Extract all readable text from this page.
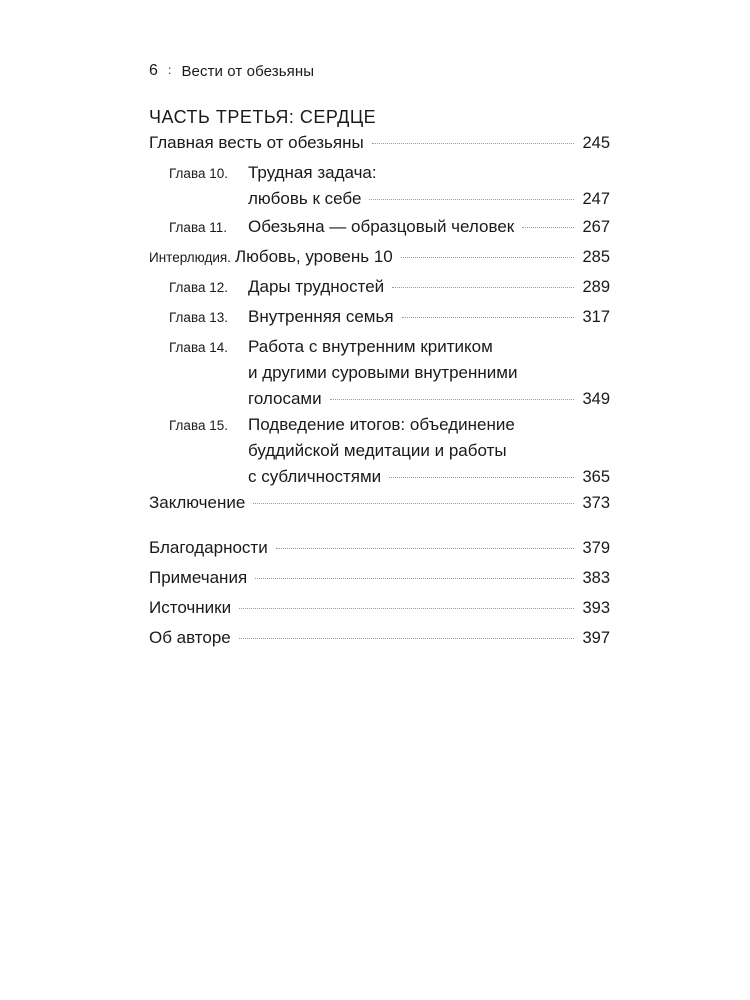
6 : Вести от обезьяны
ЧАСТЬ ТРЕТЬЯ: СЕРДЦЕ
Главная весть от обезьяны	245
Глава 10.	Трудная задача:
любовь к себе	247
Глава 11.	Обезьяна — образцовый человек	267
Интерлюдия. Любовь, уровень 10	285
Глава 12.	Дары трудностей	289
Глава 13.	Внутренняя семья	317
Глава 14.	Работа с внутренним критиком
и другими суровыми внутренними
голосами	349
Глава 15.	Подведение итогов: объединение
буддийской медитации и работы
с субличностями	365
Заключение	373
Благодарности	379
Примечания	383
Источники	393
Об авторе	397
